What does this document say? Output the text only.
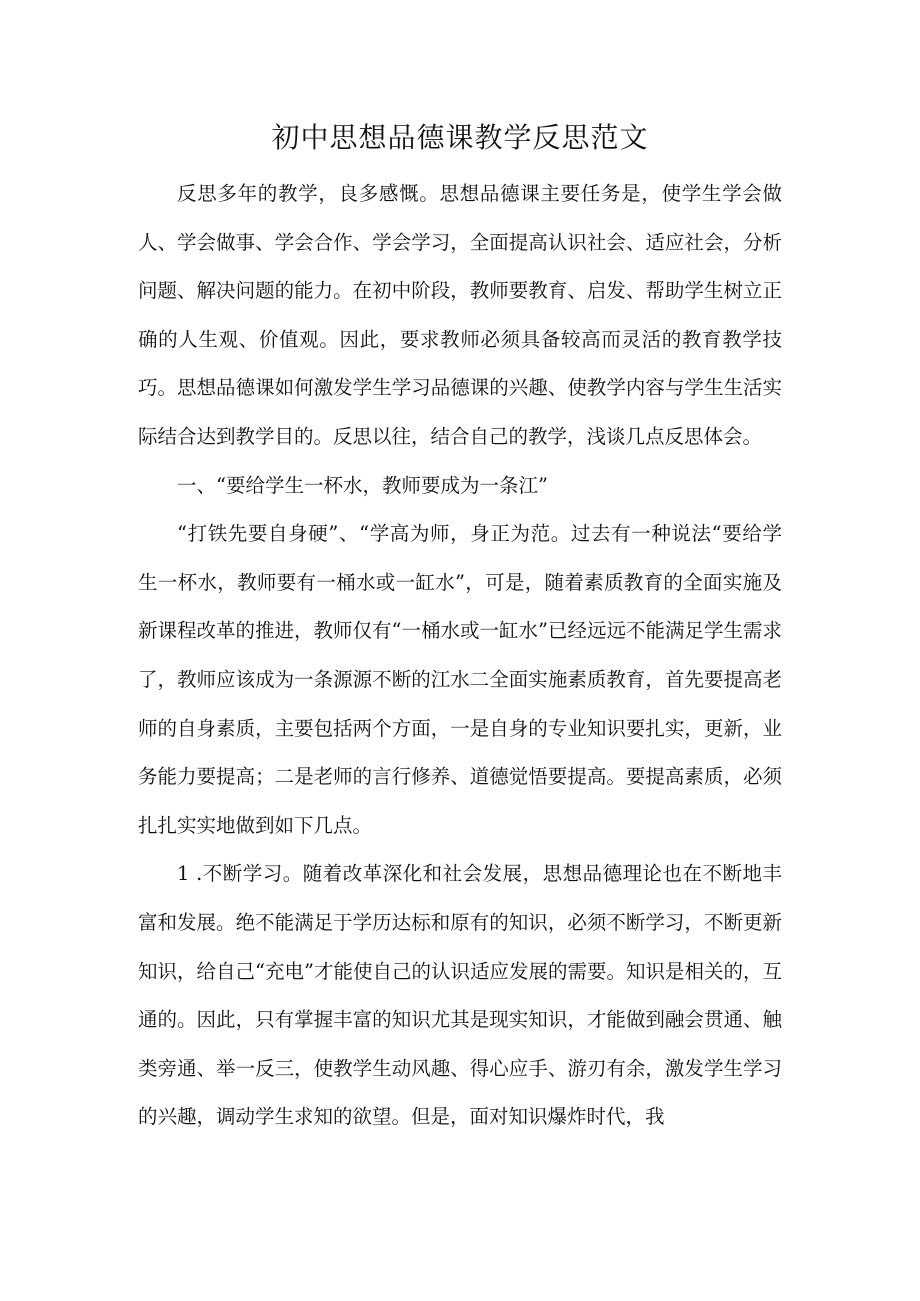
初中思想品德课教学反思范文

反思多年的教学，良多感慨。思想品德课主要任务是，使学生学会做人、学会做事、学会合作、学会学习，全面提高认识社会、适应社会，分析问题、解决问题的能力。在初中阶段，教师要教育、启发、帮助学生树立正确的人生观、价值观。因此，要求教师必须具备较高而灵活的教育教学技巧。思想品德课如何激发学生学习品德课的兴趣、使教学内容与学生生活实际结合达到教学目的。反思以往，结合自己的教学，浅谈几点反思体会。

一、“要给学生一杯水，教师要成为一条江”

“打铁先要自身硬”、“学高为师，身正为范。过去有一种说法“要给学生一杯水，教师要有一桶水或一缸水”，可是，随着素质教育的全面实施及新课程改革的推进，教师仅有“一桶水或一缸水”已经远远不能满足学生需求了，教师应该成为一条源源不断的江水二全面实施素质教育，首先要提高老师的自身素质，主要包括两个方面，一是自身的专业知识要扎实，更新，业务能力要提高；二是老师的言行修养、道德觉悟要提高。要提高素质，必须扎扎实实地做到如下几点。

1 .不断学习。随着改革深化和社会发展，思想品德理论也在不断地丰富和发展。绝不能满足于学历达标和原有的知识，必须不断学习，不断更新知识，给自己“充电”才能使自己的认识适应发展的需要。知识是相关的，互通的。因此，只有掌握丰富的知识尤其是现实知识，才能做到融会贯通、触类旁通、举一反三，使教学生动风趣、得心应手、游刃有余，激发学生学习的兴趣，调动学生求知的欲望。但是，面对知识爆炸时代，我
